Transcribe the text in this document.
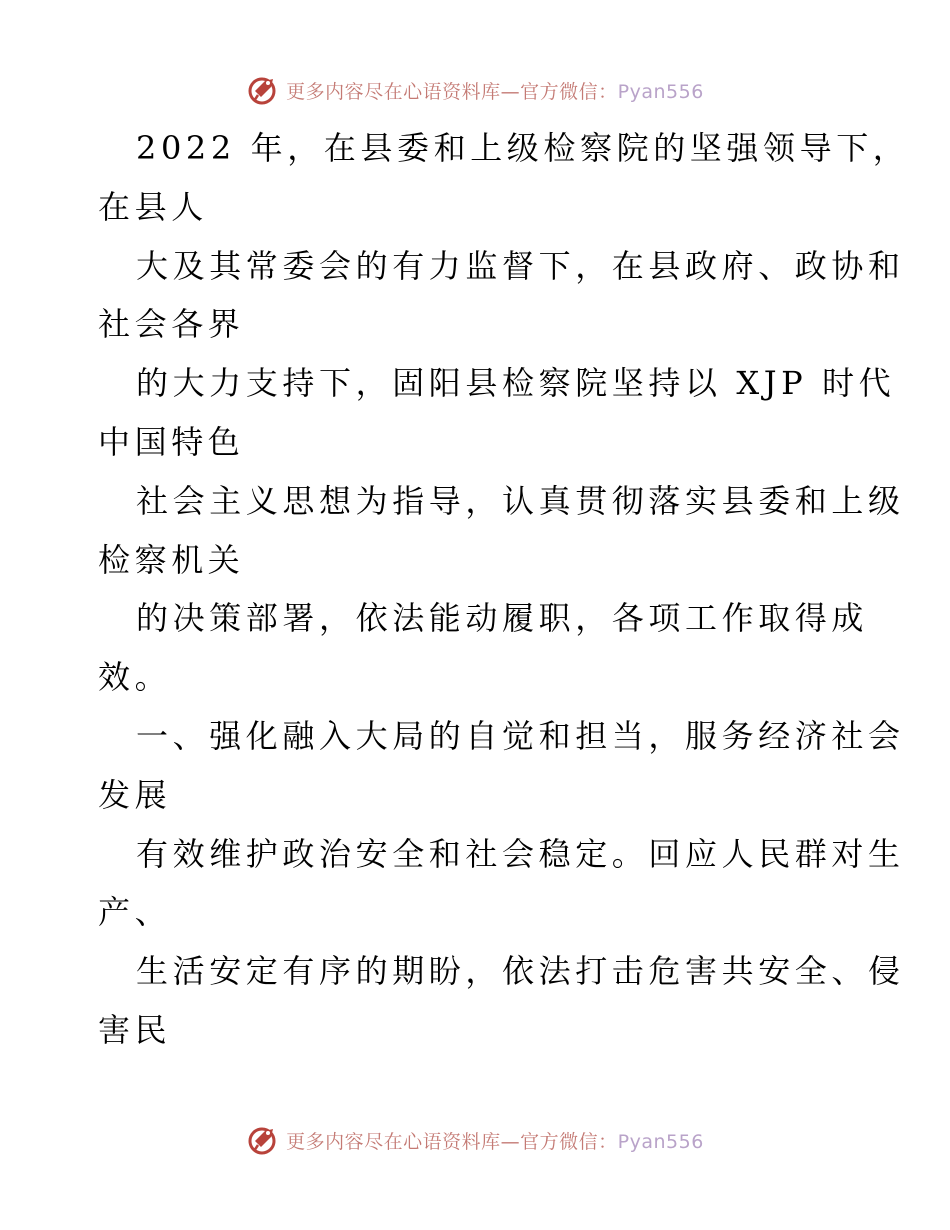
更多内容尽在心语资料库—官方微信：Pyan556
2022 年，在县委和上级检察院的坚强领导下，
在县人
大及其常委会的有力监督下，在县政府、政协和
社会各界
的大力支持下，固阳县检察院坚持以 XJP 时代
中国特色
社会主义思想为指导，认真贯彻落实县委和上级
检察机关
的决策部署，依法能动履职，各项工作取得成
效。
一、强化融入大局的自觉和担当，服务经济社会
发展
有效维护政治安全和社会稳定。回应人民群对生
产、
生活安定有序的期盼，依法打击危害共安全、侵
害民
更多内容尽在心语资料库—官方微信：Pyan556
